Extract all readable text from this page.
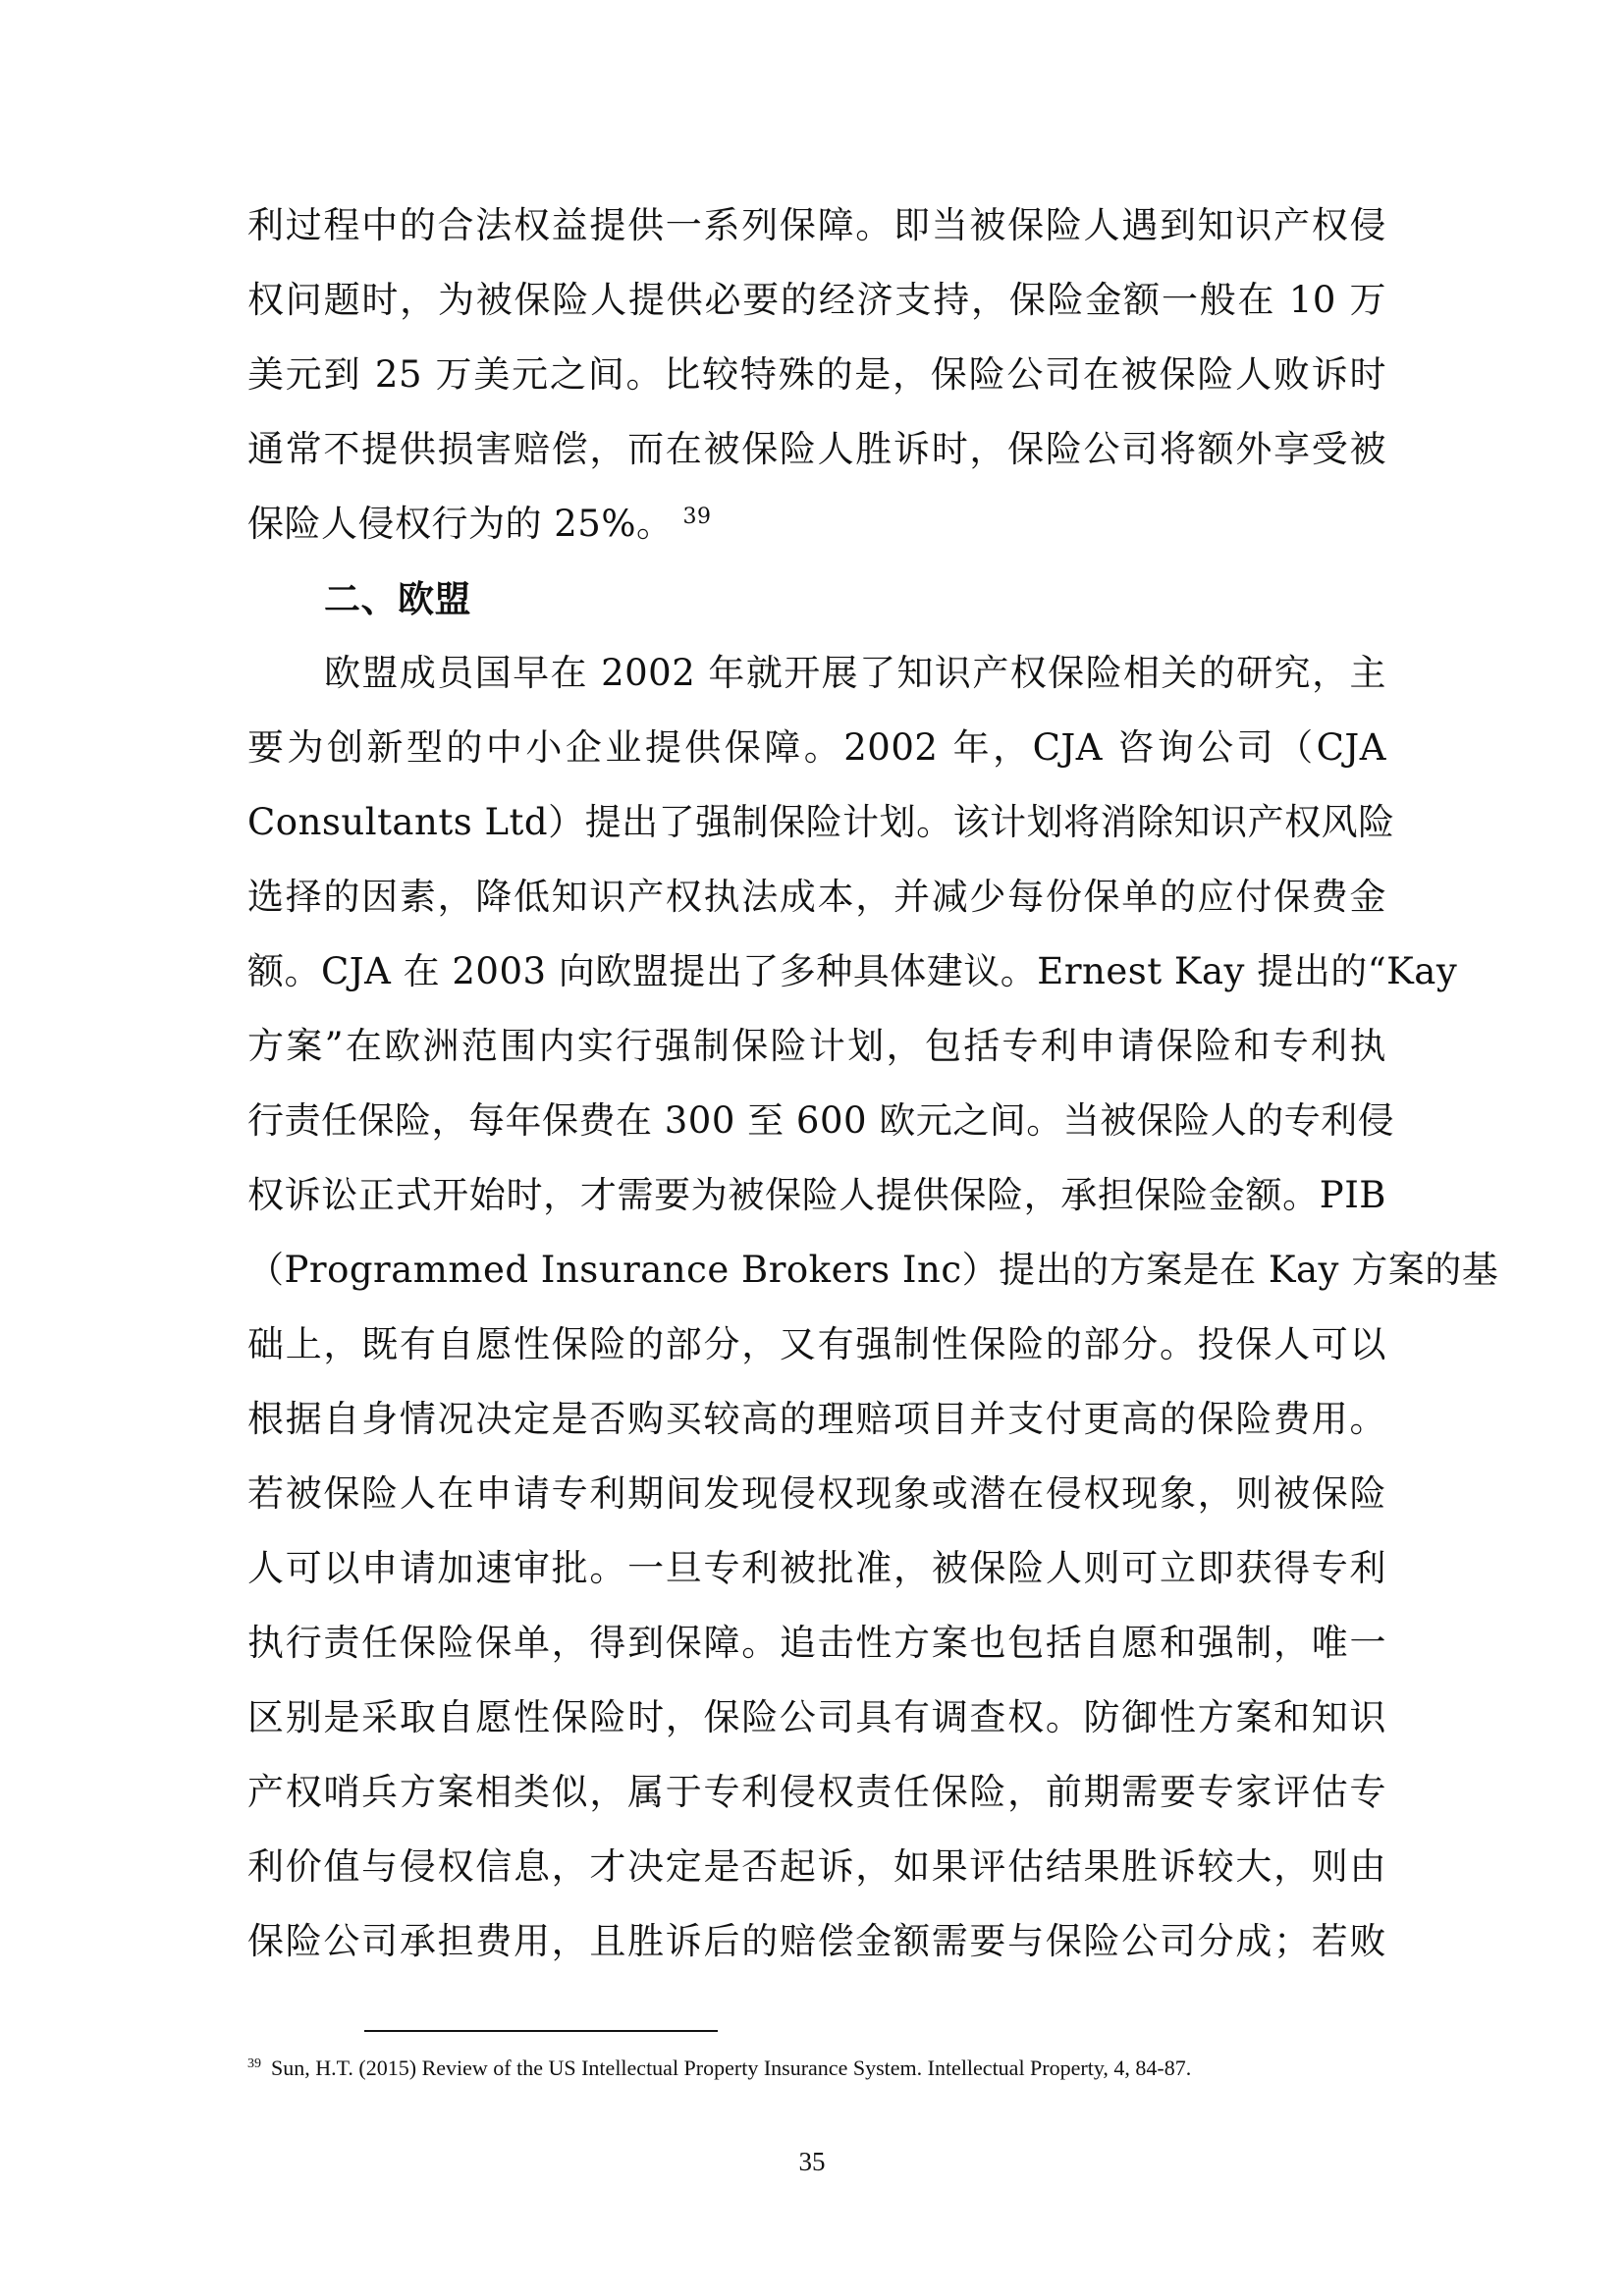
利过程中的合法权益提供一系列保障。即当被保险人遇到知识产权侵
权问题时，为被保险人提供必要的经济支持，保险金额一般在 10 万
美元到 25 万美元之间。比较特殊的是，保险公司在被保险人败诉时
通常不提供损害赔偿，而在被保险人胜诉时，保险公司将额外享受被
保险人侵权行为的 25%。 $^{39}$
二、欧盟
欧盟成员国早在 2002 年就开展了知识产权保险相关的研究，主
要为创新型的中小企业提供保障。2002 年，CJA 咨询公司（CJA
Consultants Ltd）提出了强制保险计划。该计划将消除知识产权风险
选择的因素，降低知识产权执法成本，并减少每份保单的应付保费金
额。CJA 在 2003 向欧盟提出了多种具体建议。Ernest Kay 提出的“Kay
方案”在欧洲范围内实行强制保险计划，包括专利申请保险和专利执
行责任保险，每年保费在 300 至 600 欧元之间。当被保险人的专利侵
权诉讼正式开始时，才需要为被保险人提供保险，承担保险金额。PIB
（Programmed Insurance Brokers Inc）提出的方案是在 Kay 方案的基
础上，既有自愿性保险的部分，又有强制性保险的部分。投保人可以
根据自身情况决定是否购买较高的理赔项目并支付更高的保险费用。
若被保险人在申请专利期间发现侵权现象或潜在侵权现象，则被保险
人可以申请加速审批。一旦专利被批准，被保险人则可立即获得专利
执行责任保险保单，得到保障。追击性方案也包括自愿和强制，唯一
区别是采取自愿性保险时，保险公司具有调查权。防御性方案和知识
产权哨兵方案相类似，属于专利侵权责任保险，前期需要专家评估专
利价值与侵权信息，才决定是否起诉，如果评估结果胜诉较大，则由
保险公司承担费用，且胜诉后的赔偿金额需要与保险公司分成；若败
$^{39}$ Sun, H.T. (2015) Review of the US Intellectual Property Insurance System. Intellectual Property, 4, 84-87.
35
